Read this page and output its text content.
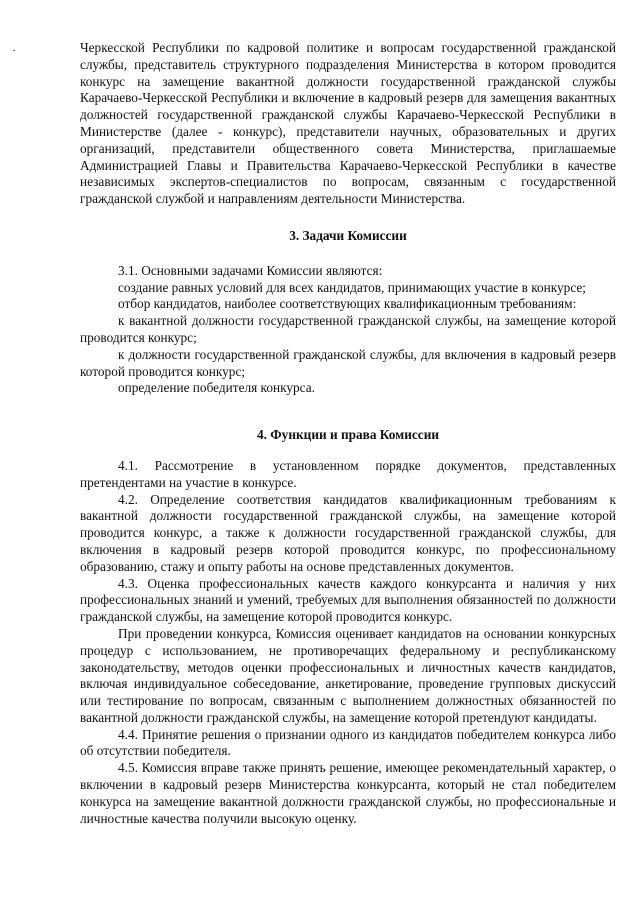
·	Черкесской Республики по кадровой политике и вопросам государственной гражданской службы, представитель структурного подразделения Министерства в котором проводится конкурс на замещение вакантной должности государственной гражданской службы Карачаево-Черкесской Республики и включение в кадровый резерв для замещения вакантных должностей государственной гражданской службы Карачаево-Черкесской Республики в Министерстве (далее - конкурс), представители научных, образовательных и других организаций, представители общественного совета Министерства, приглашаемые Администрацией Главы и Правительства Карачаево-Черкесской Республики в качестве независимых экспертов-специалистов по вопросам, связанным с государственной гражданской службой и направлениям деятельности Министерства.

3. Задачи Комиссии

3.1. Основными задачами Комиссии являются:

создание равных условий для всех кандидатов, принимающих участие в конкурсе;

отбор кандидатов, наиболее соответствующих квалификационным требованиям:

к вакантной должности государственной гражданской службы, на замещение которой проводится конкурс;

к должности государственной гражданской службы, для включения в кадровый резерв которой проводится конкурс;

определение победителя конкурса.

4. Функции и права Комиссии

4.1. Рассмотрение в установленном порядке документов, представленных претендентами на участие в конкурсе.

4.2. Определение соответствия кандидатов квалификационным требованиям к вакантной должности государственной гражданской службы, на замещение которой проводится конкурс, а также к должности государственной гражданской службы, для включения в кадровый резерв которой проводится конкурс, по профессиональному образованию, стажу и опыту работы на основе представленных документов.

4.3. Оценка профессиональных качеств каждого конкурсанта и наличия у них профессиональных знаний и умений, требуемых для выполнения обязанностей по должности гражданской службы, на замещение которой проводится конкурс.

При проведении конкурса, Комиссия оценивает кандидатов на основании конкурсных процедур с использованием, не противоречащих федеральному и республиканскому законодательству, методов оценки профессиональных и личностных качеств кандидатов, включая индивидуальное собеседование, анкетирование, проведение групповых дискуссий или тестирование по вопросам, связанным с выполнением должностных обязанностей по вакантной должности гражданской службы, на замещение которой претендуют кандидаты.

4.4. Принятие решения о признании одного из кандидатов победителем конкурса либо об отсутствии победителя.

4.5. Комиссия вправе также принять решение, имеющее рекомендательный характер, о включении в кадровый резерв Министерства конкурсанта, который не стал победителем конкурса на замещение вакантной должности гражданской службы, но профессиональные и личностные качества получили высокую оценку.
